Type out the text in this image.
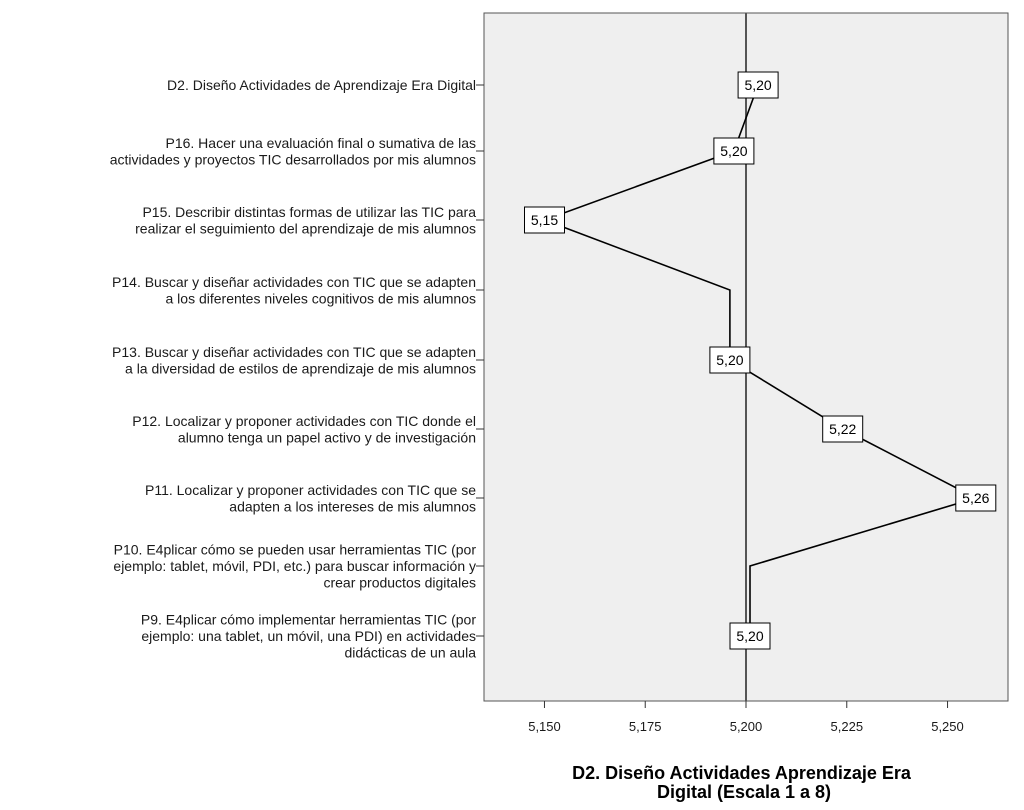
D2. Diseño Actividades de Aprendizaje Era Digital
P16. Hacer una evaluación final o sumativa de las actividades y proyectos TIC desarrollados por mis alumnos
P15. Describir distintas formas de utilizar las TIC para realizar el seguimiento del aprendizaje de mis alumnos
P14. Buscar y diseñar actividades con TIC que se adapten a los diferentes niveles cognitivos de mis alumnos
P13. Buscar y diseñar actividades con TIC que se adapten a la diversidad de estilos de aprendizaje de mis alumnos
P12. Localizar y proponer actividades con TIC donde el alumno tenga un papel activo y de investigación
P11. Localizar y proponer actividades con TIC que se adapten a los intereses de mis alumnos
P10. E4plicar cómo se pueden usar herramientas TIC (por ejemplo: tablet, móvil, PDI, etc.) para buscar información y crear productos digitales
P9. E4plicar cómo implementar herramientas TIC (por ejemplo: una tablet, un móvil, una PDI) en actividades didácticas de un aula
5,20
5,20
5,15
5,20
5,22
5,26
5,20
5,150	5,175	5,200	5,225	5,250
D2. Diseño Actividades Aprendizaje Era Digital (Escala 1 a 8)
